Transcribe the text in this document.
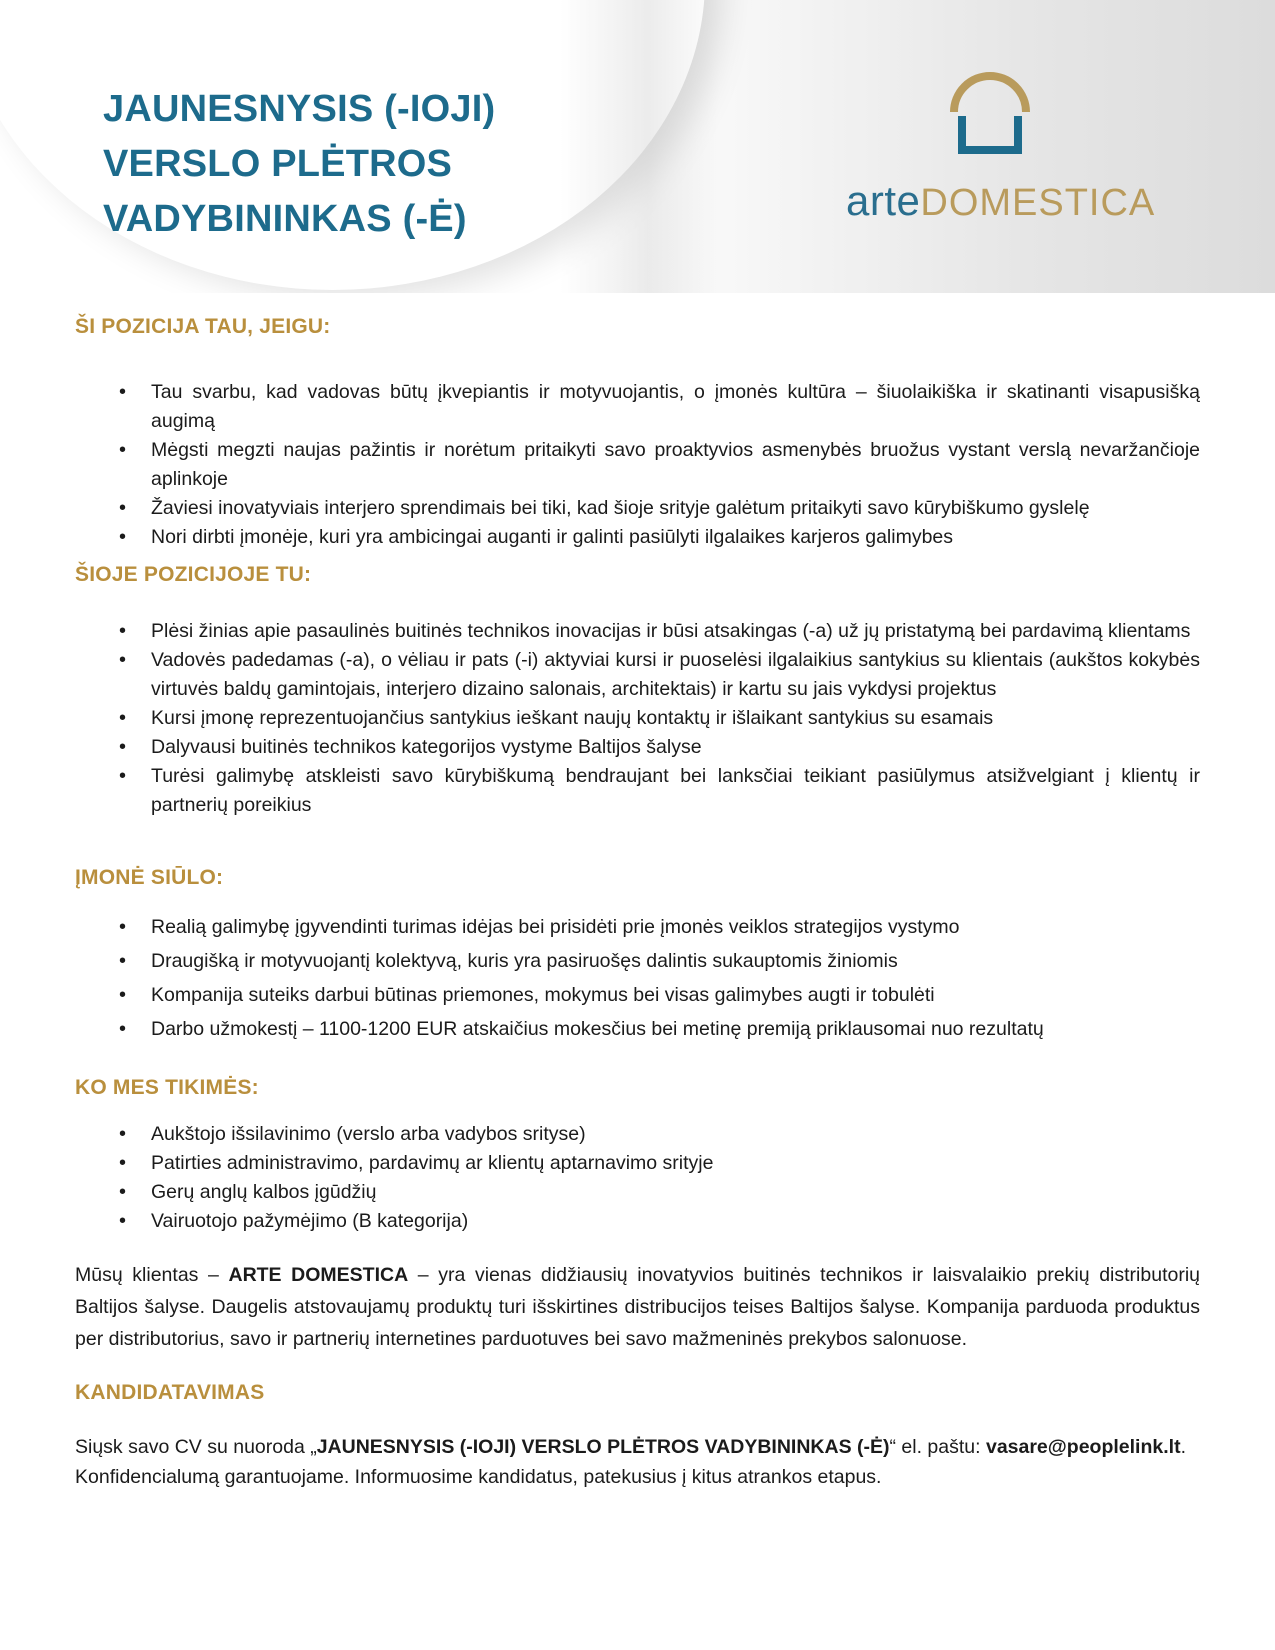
JAUNESNYSIS (-IOJI) VERSLO PLĖTROS VADYBININKAS (-Ė)	arteDOMESTICA
ŠI POZICIJA TAU, JEIGU:
• Tau svarbu, kad vadovas būtų įkvepiantis ir motyvuojantis, o įmonės kultūra – šiuolaikiška ir skatinanti visapusišką augimą
• Mėgsti megzti naujas pažintis ir norėtum pritaikyti savo proaktyvios asmenybės bruožus vystant verslą nevaržančioje aplinkoje
• Žaviesi inovatyviais interjero sprendimais bei tiki, kad šioje srityje galėtum pritaikyti savo kūrybiškumo gyslelę
• Nori dirbti įmonėje, kuri yra ambicingai auganti ir galinti pasiūlyti ilgalaikes karjeros galimybes
ŠIOJE POZICIJOJE TU:
• Plėsi žinias apie pasaulinės buitinės technikos inovacijas ir būsi atsakingas (-a) už jų pristatymą bei pardavimą klientams
• Vadovės padedamas (-a), o vėliau ir pats (-i) aktyviai kursi ir puoselėsi ilgalaikius santykius su klientais (aukštos kokybės virtuvės baldų gamintojais, interjero dizaino salonais, architektais) ir kartu su jais vykdysi projektus
• Kursi įmonę reprezentuojančius santykius ieškant naujų kontaktų ir išlaikant santykius su esamais
• Dalyvausi buitinės technikos kategorijos vystyme Baltijos šalyse
• Turėsi galimybę atskleisti savo kūrybiškumą bendraujant bei lanksčiai teikiant pasiūlymus atsižvelgiant į klientų ir partnerių poreikius
ĮMONĖ SIŪLO:
• Realią galimybę įgyvendinti turimas idėjas bei prisidėti prie įmonės veiklos strategijos vystymo
• Draugišką ir motyvuojantį kolektyvą, kuris yra pasiruošęs dalintis sukauptomis žiniomis
• Kompanija suteiks darbui būtinas priemones, mokymus bei visas galimybes augti ir tobulėti
• Darbo užmokestį – 1100-1200 EUR atskaičius mokesčius bei metinę premiją priklausomai nuo rezultatų
KO MES TIKIMĖS:
• Aukštojo išsilavinimo (verslo arba vadybos srityse)
• Patirties administravimo, pardavimų ar klientų aptarnavimo srityje
• Gerų anglų kalbos įgūdžių
• Vairuotojo pažymėjimo (B kategorija)

Mūsų klientas – ARTE DOMESTICA – yra vienas didžiausių inovatyvios buitinės technikos ir laisvalaikio prekių distributorių Baltijos šalyse. Daugelis atstovaujamų produktų turi išskirtines distribucijos teises Baltijos šalyse. Kompanija parduoda produktus per distributorius, savo ir partnerių internetines parduotuves bei savo mažmeninės prekybos salonuose.

KANDIDATAVIMAS

Siųsk savo CV su nuoroda „JAUNESNYSIS (-IOJI) VERSLO PLĖTROS VADYBININKAS (-Ė)“ el. paštu: vasare@peoplelink.lt.
Konfidencialumą garantuojame. Informuosime kandidatus, patekusius į kitus atrankos etapus.
